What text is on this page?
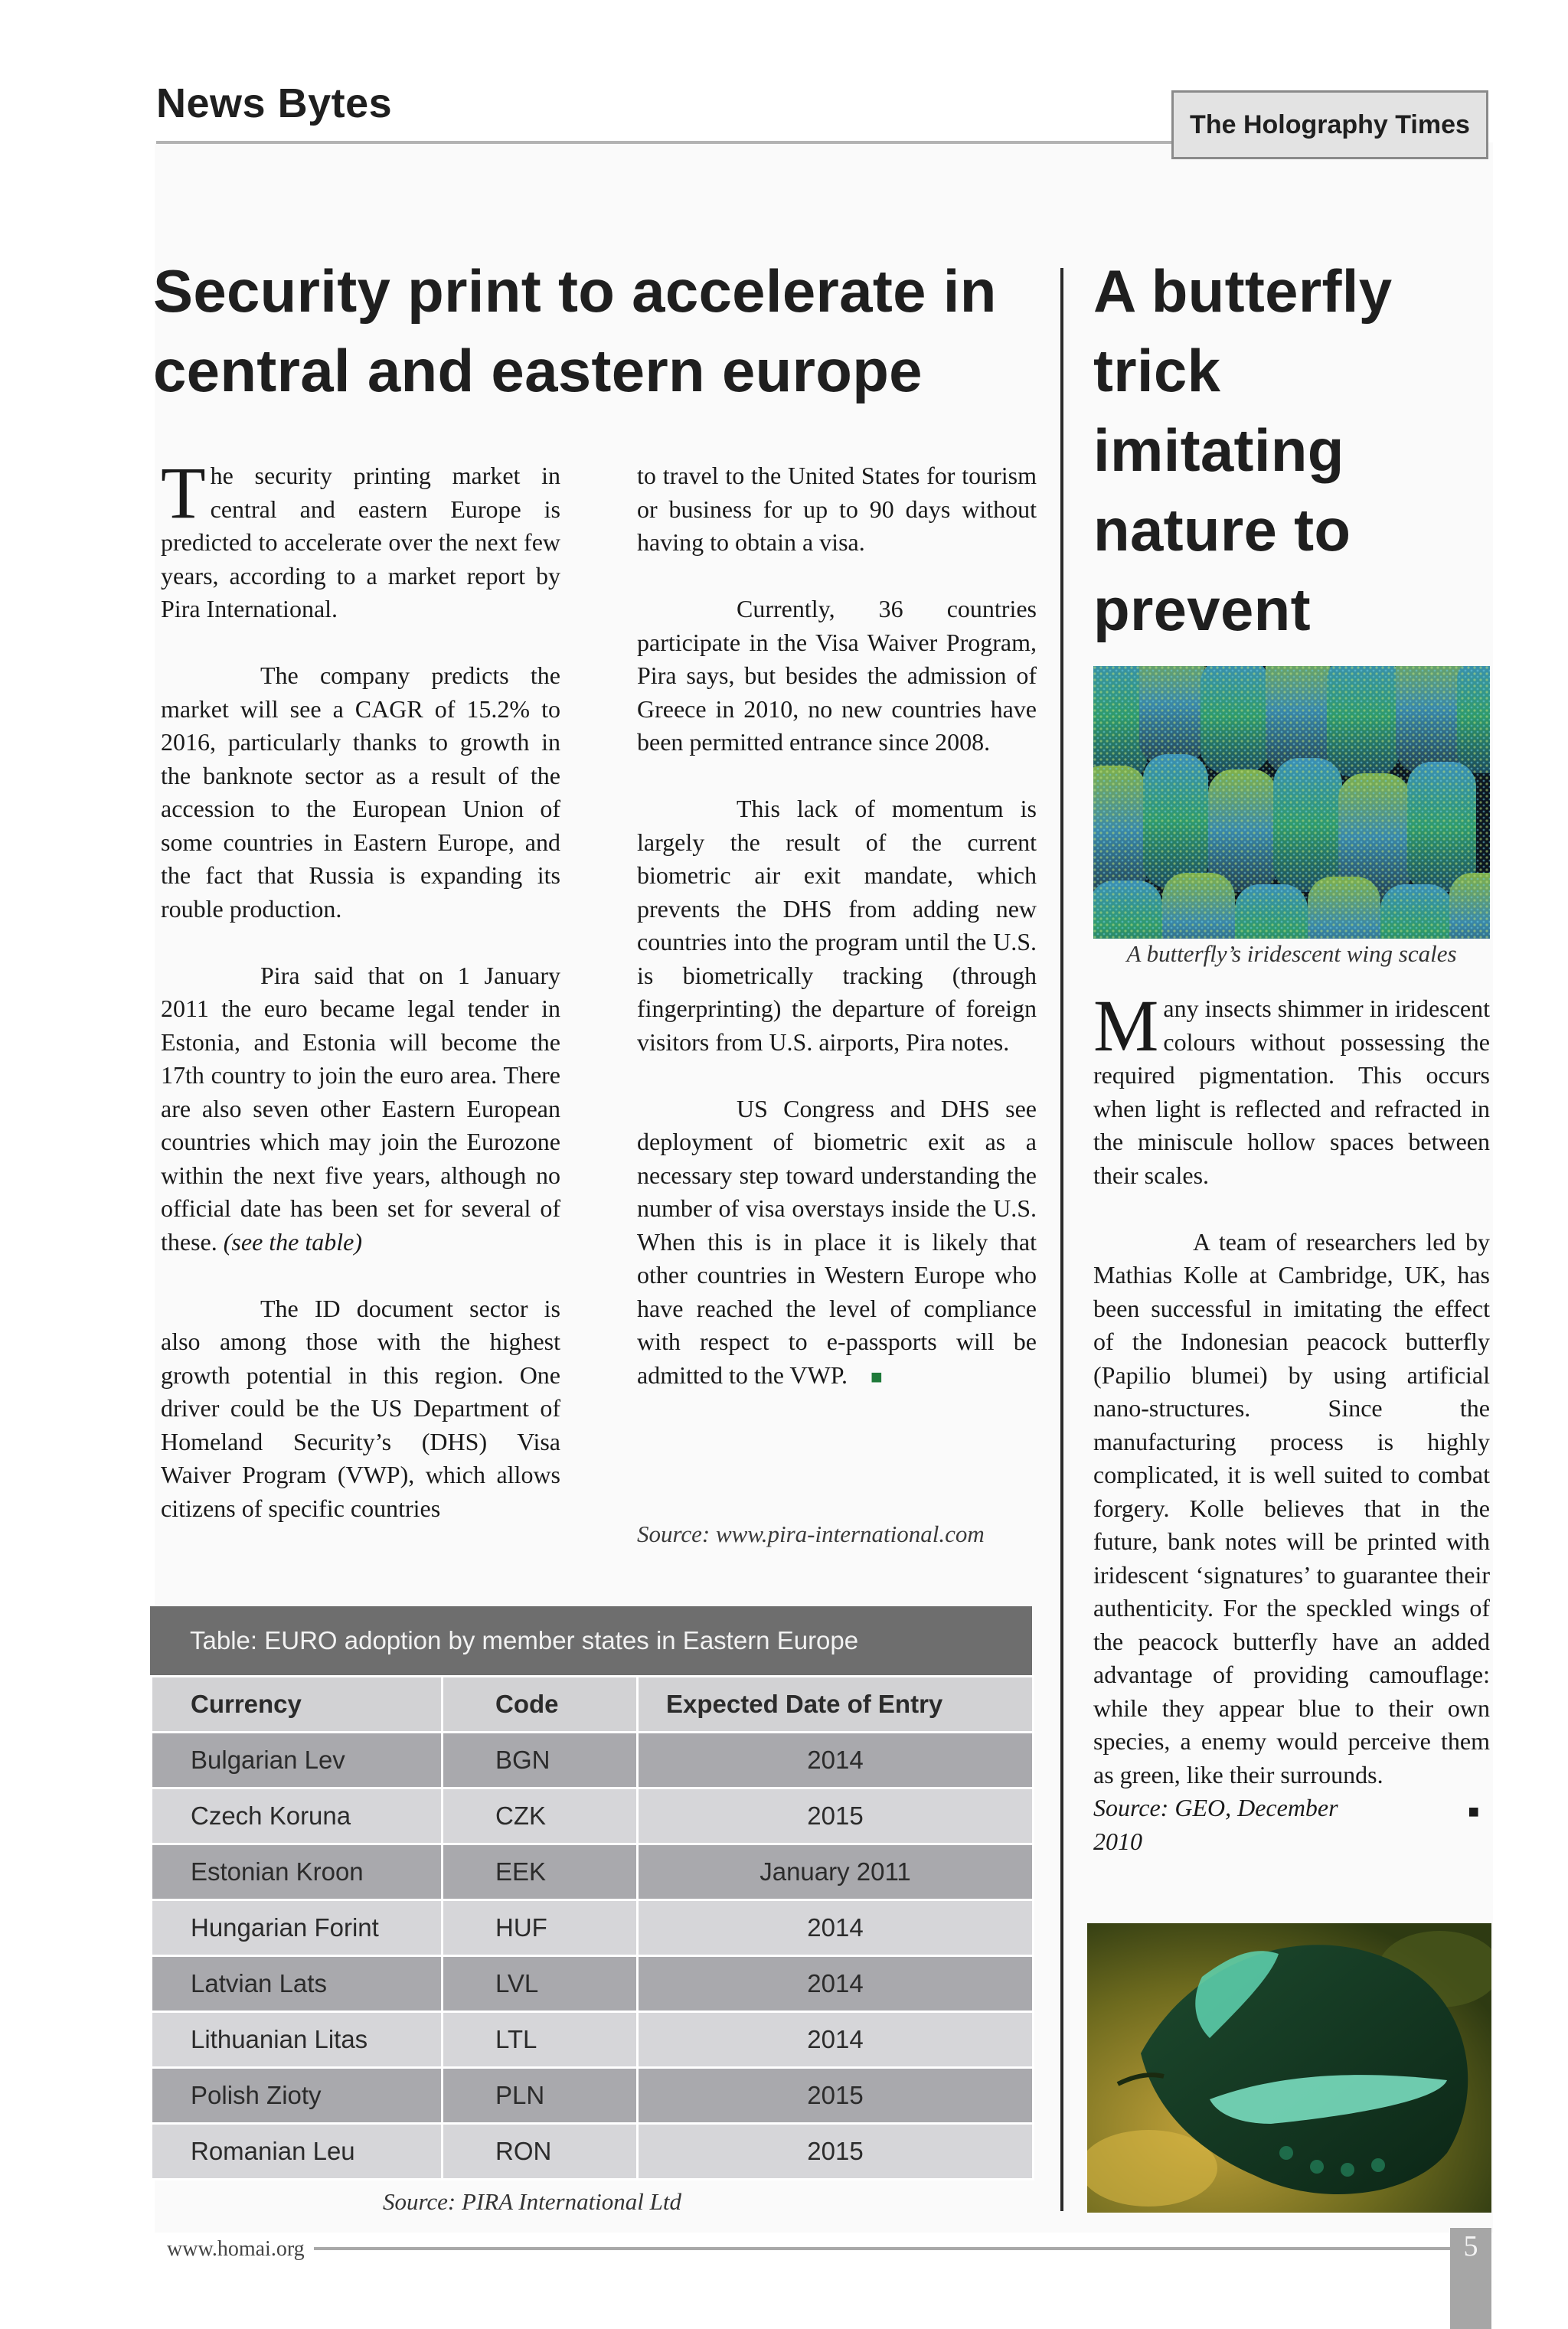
News Bytes	The Holography Times
Security print to accelerate in central and eastern europe
A butterfly trick imitating nature to prevent

The security printing market in central and eastern Europe is predicted to accelerate over the next few years, according to a market report by Pira International.

The company predicts the market will see a CAGR of 15.2% to 2016, particularly thanks to growth in the banknote sector as a result of the accession to the European Union of some countries in Eastern Europe, and the fact that Russia is expanding its rouble production.

Pira said that on 1 January 2011 the euro became legal tender in Estonia, and Estonia will become the 17th country to join the euro area. There are also seven other Eastern European countries which may join the Eurozone within the next five years, although no official date has been set for several of these. (see the table)

The ID document sector is also among those with the highest growth potential in this region. One driver could be the US Department of Homeland Security’s (DHS) Visa Waiver Program (VWP), which allows citizens of specific countries

to travel to the United States for tourism or business for up to 90 days without having to obtain a visa.

Currently, 36 countries participate in the Visa Waiver Program, Pira says, but besides the admission of Greece in 2010, no new countries have been permitted entrance since 2008.

This lack of momentum is largely the result of the current biometric air exit mandate, which prevents the DHS from adding new countries into the program until the U.S. is biometrically tracking (through fingerprinting) the departure of foreign visitors from U.S. airports, Pira notes.

US Congress and DHS see deployment of biometric exit as a necessary step toward understanding the number of visa overstays inside the U.S. When this is in place it is likely that other countries in Western Europe who have reached the level of compliance with respect to e-passports will be admitted to the VWP. ■

Source: www.pira-international.com
A butterfly’s iridescent wing scales

Many insects shimmer in iridescent colours without possessing the required pigmentation. This occurs when light is reflected and refracted in the miniscule hollow spaces between their scales.

A team of researchers led by Mathias Kolle at Cambridge, UK, has been successful in imitating the effect of the Indonesian peacock butterfly (Papilio blumei) by using artificial nano-structures. Since the manufacturing process is highly complicated, it is well suited to combat forgery. Kolle believes that in the future, bank notes will be printed with iridescent ‘signatures’ to guarantee their authenticity. For the speckled wings of the peacock butterfly have an added advantage of providing camouflage: while they appear blue to their own species, a enemy would perceive them as green, like their surrounds.
■

Source: GEO, December 2010
Table: EURO adoption by member states in Eastern Europe
Currency	Code	Expected Date of Entry
Bulgarian Lev	BGN	2014
Czech Koruna	CZK	2015
Estonian Kroon	EEK	January 2011
Hungarian Forint	HUF	2014
Latvian Lats	LVL	2014
Lithuanian Litas	LTL	2014
Polish Zioty	PLN	2015
Romanian Leu	RON	2015
Source: PIRA International Ltd
www.homai.org	5
